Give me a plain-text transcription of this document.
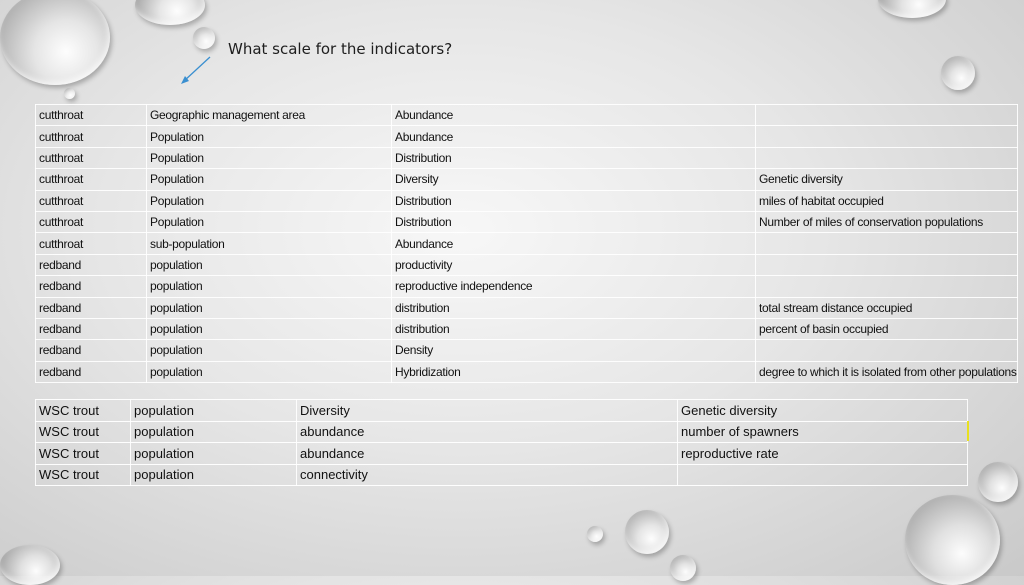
What scale for the indicators?
cutthroat	Geographic management area	Abundance	
cutthroat	Population	Abundance	
cutthroat	Population	Distribution	
cutthroat	Population	Diversity	Genetic diversity
cutthroat	Population	Distribution	miles of habitat occupied
cutthroat	Population	Distribution	Number of miles of conservation populations
cutthroat	sub-population	Abundance	
redband	population	productivity	
redband	population	reproductive independence	
redband	population	distribution	total stream distance occupied
redband	population	distribution	percent of basin occupied
redband	population	Density	
redband	population	Hybridization	degree to which it is isolated from other populations
WSC trout	population	Diversity	Genetic diversity
WSC trout	population	abundance	number of spawners
WSC trout	population	abundance	reproductive rate
WSC trout	population	connectivity	
